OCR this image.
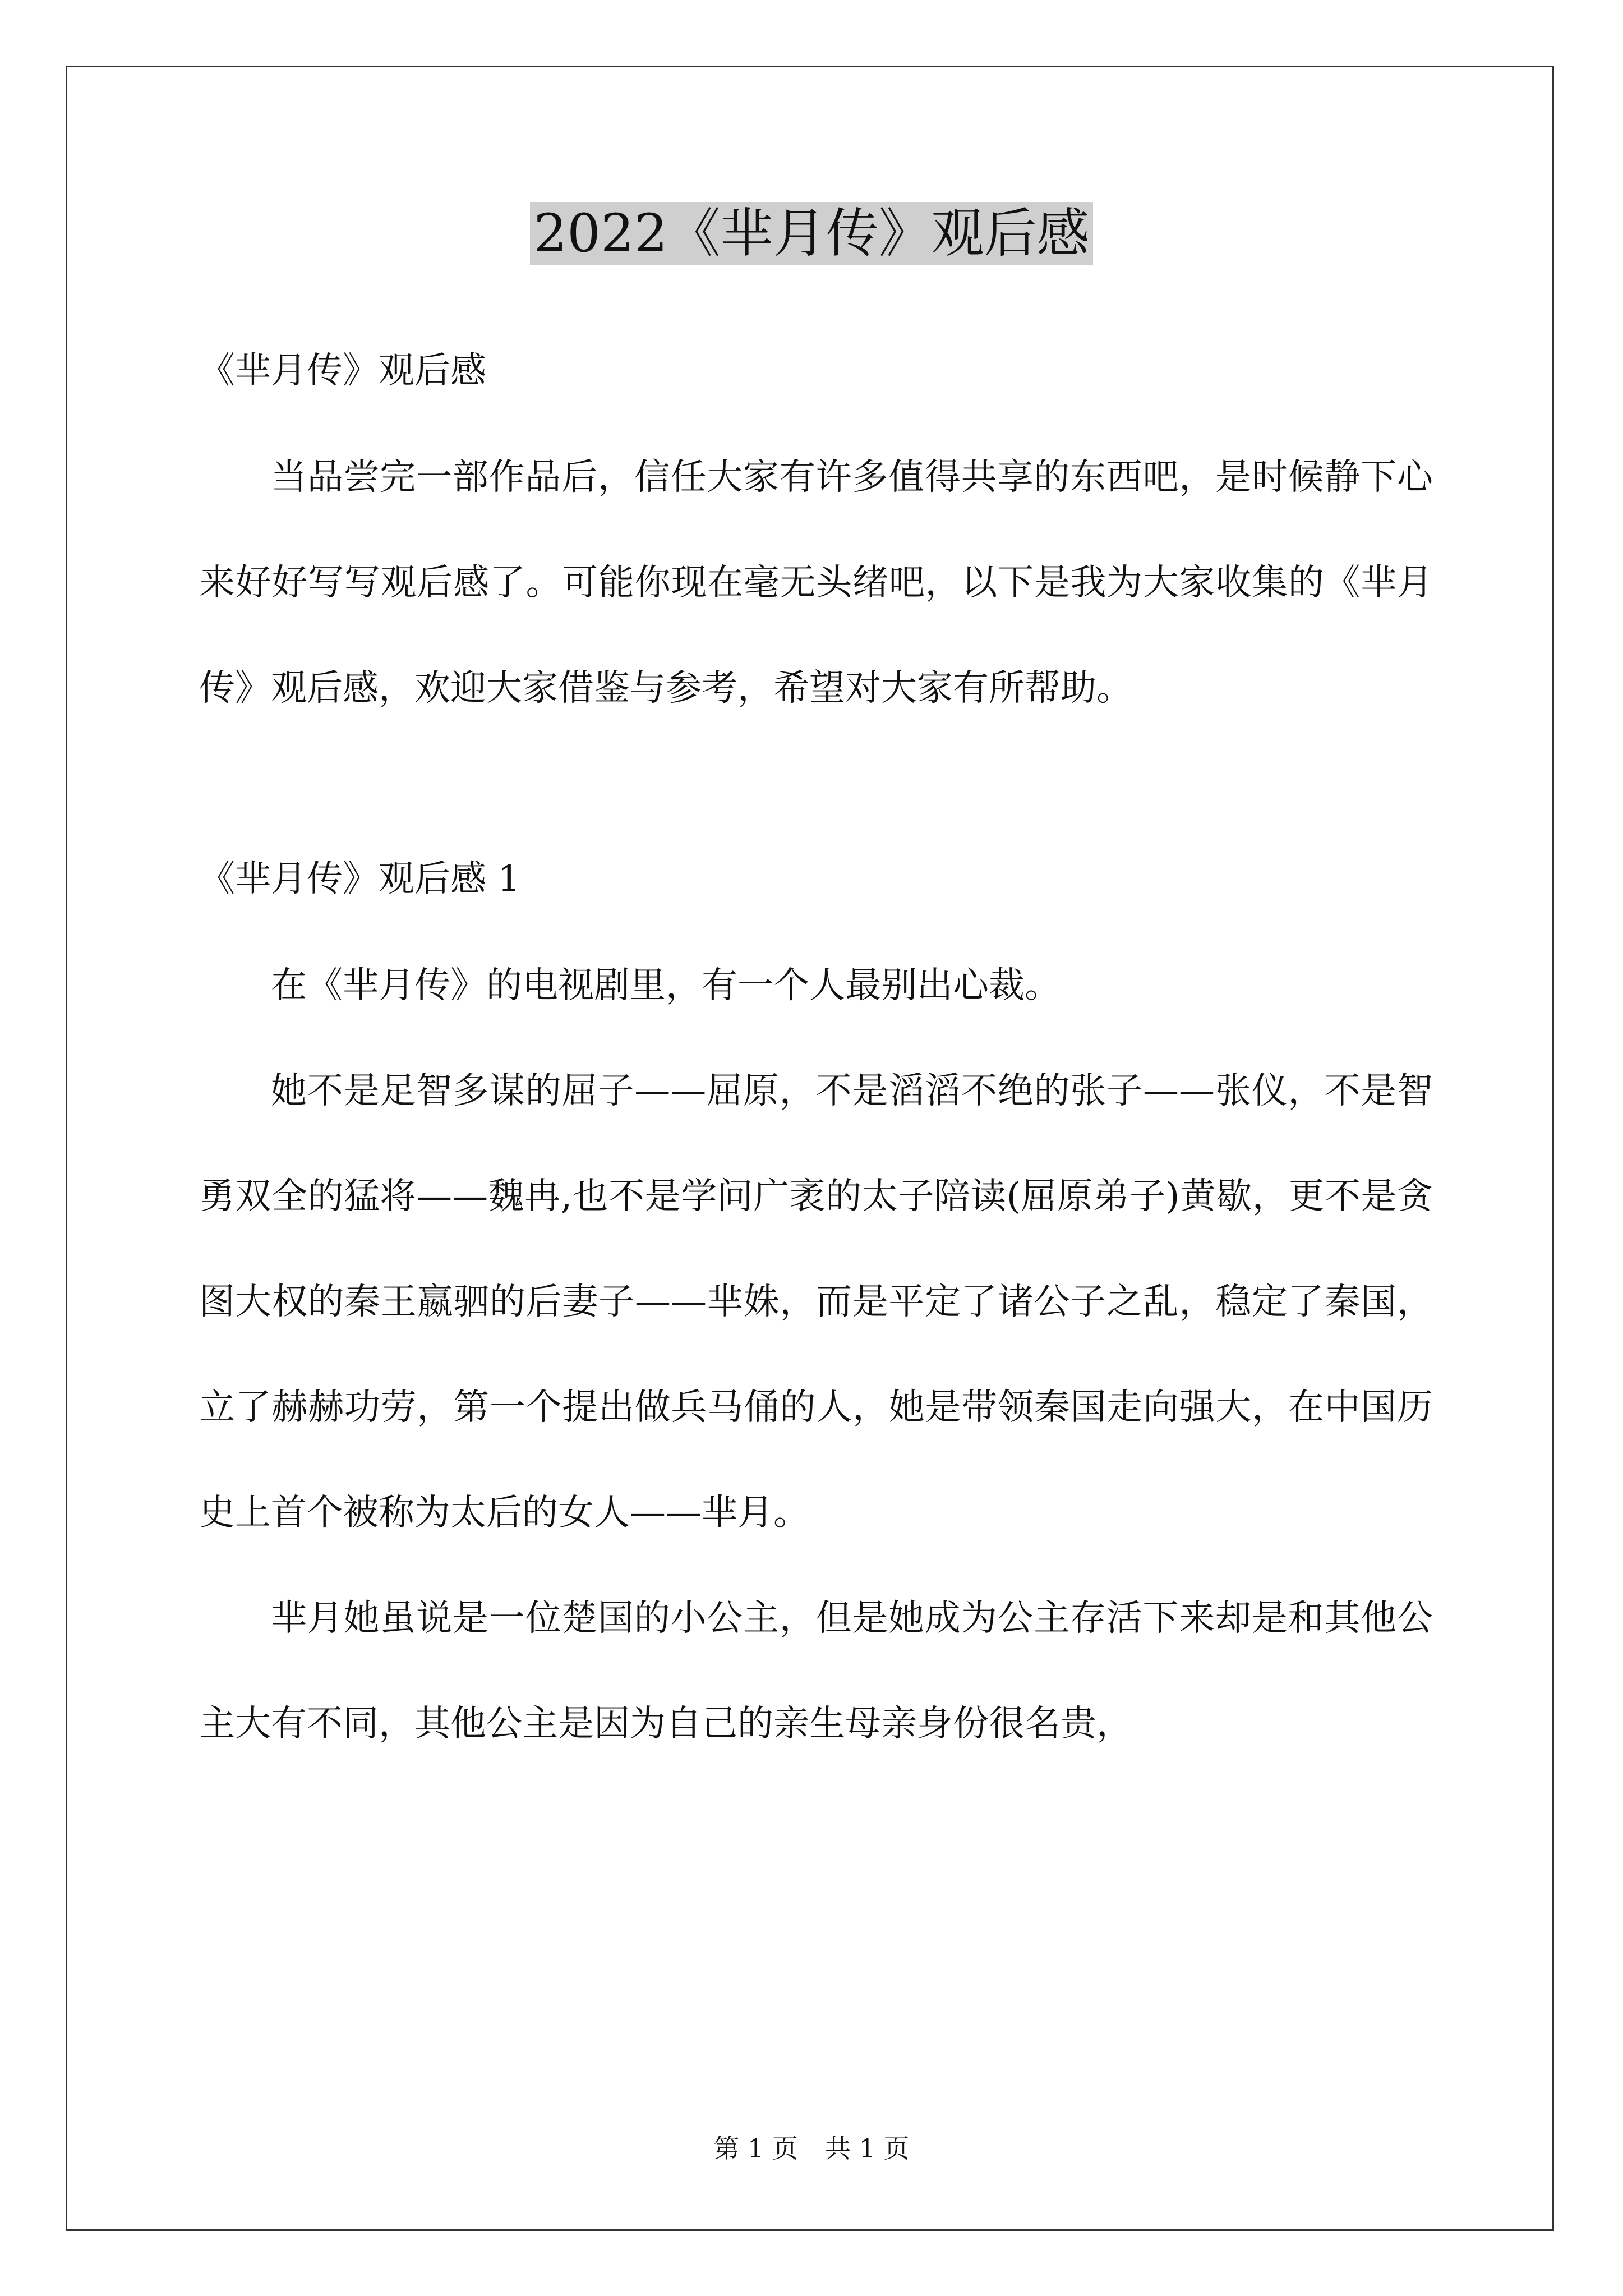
2022《芈月传》观后感

《芈月传》观后感

当品尝完一部作品后，信任大家有许多值得共享的东西吧，是时候静下心来好好写写观后感了。可能你现在毫无头绪吧，以下是我为大家收集的《芈月传》观后感，欢迎大家借鉴与参考，希望对大家有所帮助。

《芈月传》观后感 1

在《芈月传》的电视剧里，有一个人最别出心裁。

她不是足智多谋的屈子——屈原，不是滔滔不绝的张子——张仪，不是智勇双全的猛将——魏冉,也不是学问广袤的太子陪读(屈原弟子)黄歇，更不是贪图大权的秦王嬴驷的后妻子——芈姝，而是平定了诸公子之乱，稳定了秦国，立了赫赫功劳，第一个提出做兵马俑的人，她是带领秦国走向强大，在中国历史上首个被称为太后的女人——芈月。

芈月她虽说是一位楚国的小公主，但是她成为公主存活下来却是和其他公主大有不同，其他公主是因为自己的亲生母亲身份很名贵，

第 1 页 共 1 页
